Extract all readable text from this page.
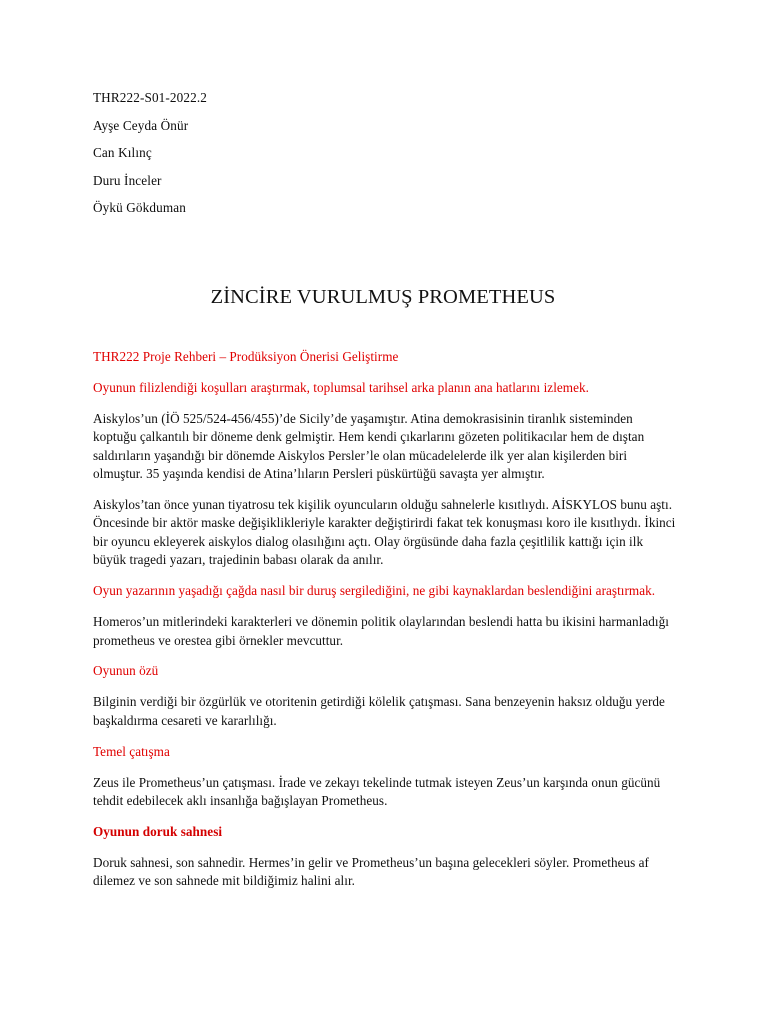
THR222-S01-2022.2
Ayşe Ceyda Önür
Can Kılınç
Duru İnceler
Öykü Gökduman
ZİNCİRE VURULMUŞ PROMETHEUS

THR222 Proje Rehberi – Prodüksiyon Önerisi Geliştirme

Oyunun filizlendiği koşulları araştırmak, toplumsal tarihsel arka planın ana hatlarını izlemek.

Aiskylos’un (İÖ 525/524-456/455)’de Sicily’de yaşamıştır. Atina demokrasisinin tiranlık sisteminden koptuğu çalkantılı bir döneme denk gelmiştir. Hem kendi çıkarlarını gözeten politikacılar hem de dıştan saldırıların yaşandığı bir dönemde Aiskylos Persler’le olan mücadelelerde ilk yer alan kişilerden biri olmuştur. 35 yaşında kendisi de Atina’lıların Persleri püskürtüğü savaşta yer almıştır.

Aiskylos’tan önce yunan tiyatrosu tek kişilik oyuncuların olduğu sahnelerle kısıtlıydı. AİSKYLOS bunu aştı. Öncesinde bir aktör maske değişiklikleriyle karakter değiştirirdi fakat tek konuşması koro ile kısıtlıydı. İkinci bir oyuncu ekleyerek aiskylos dialog olasılığını açtı. Olay örgüsünde daha fazla çeşitlilik kattığı için ilk büyük tragedi yazarı, trajedinin babası olarak da anılır.

Oyun yazarının yaşadığı çağda nasıl bir duruş sergilediğini, ne gibi kaynaklardan beslendiğini araştırmak.

Homeros’un mitlerindeki karakterleri ve dönemin politik olaylarından beslendi hatta bu ikisini harmanladığı prometheus ve orestea gibi örnekler mevcuttur.

Oyunun özü

Bilginin verdiği bir özgürlük ve otoritenin getirdiği kölelik çatışması. Sana benzeyenin haksız olduğu yerde başkaldırma cesareti ve kararlılığı.

Temel çatışma

Zeus ile Prometheus’un çatışması. İrade ve zekayı tekelinde tutmak isteyen Zeus’un karşında onun gücünü tehdit edebilecek aklı insanlığa bağışlayan Prometheus.

Oyunun doruk sahnesi

Doruk sahnesi, son sahnedir. Hermes’in gelir ve Prometheus’un başına gelecekleri söyler. Prometheus af dilemez ve son sahnede mit bildiğimiz halini alır.
